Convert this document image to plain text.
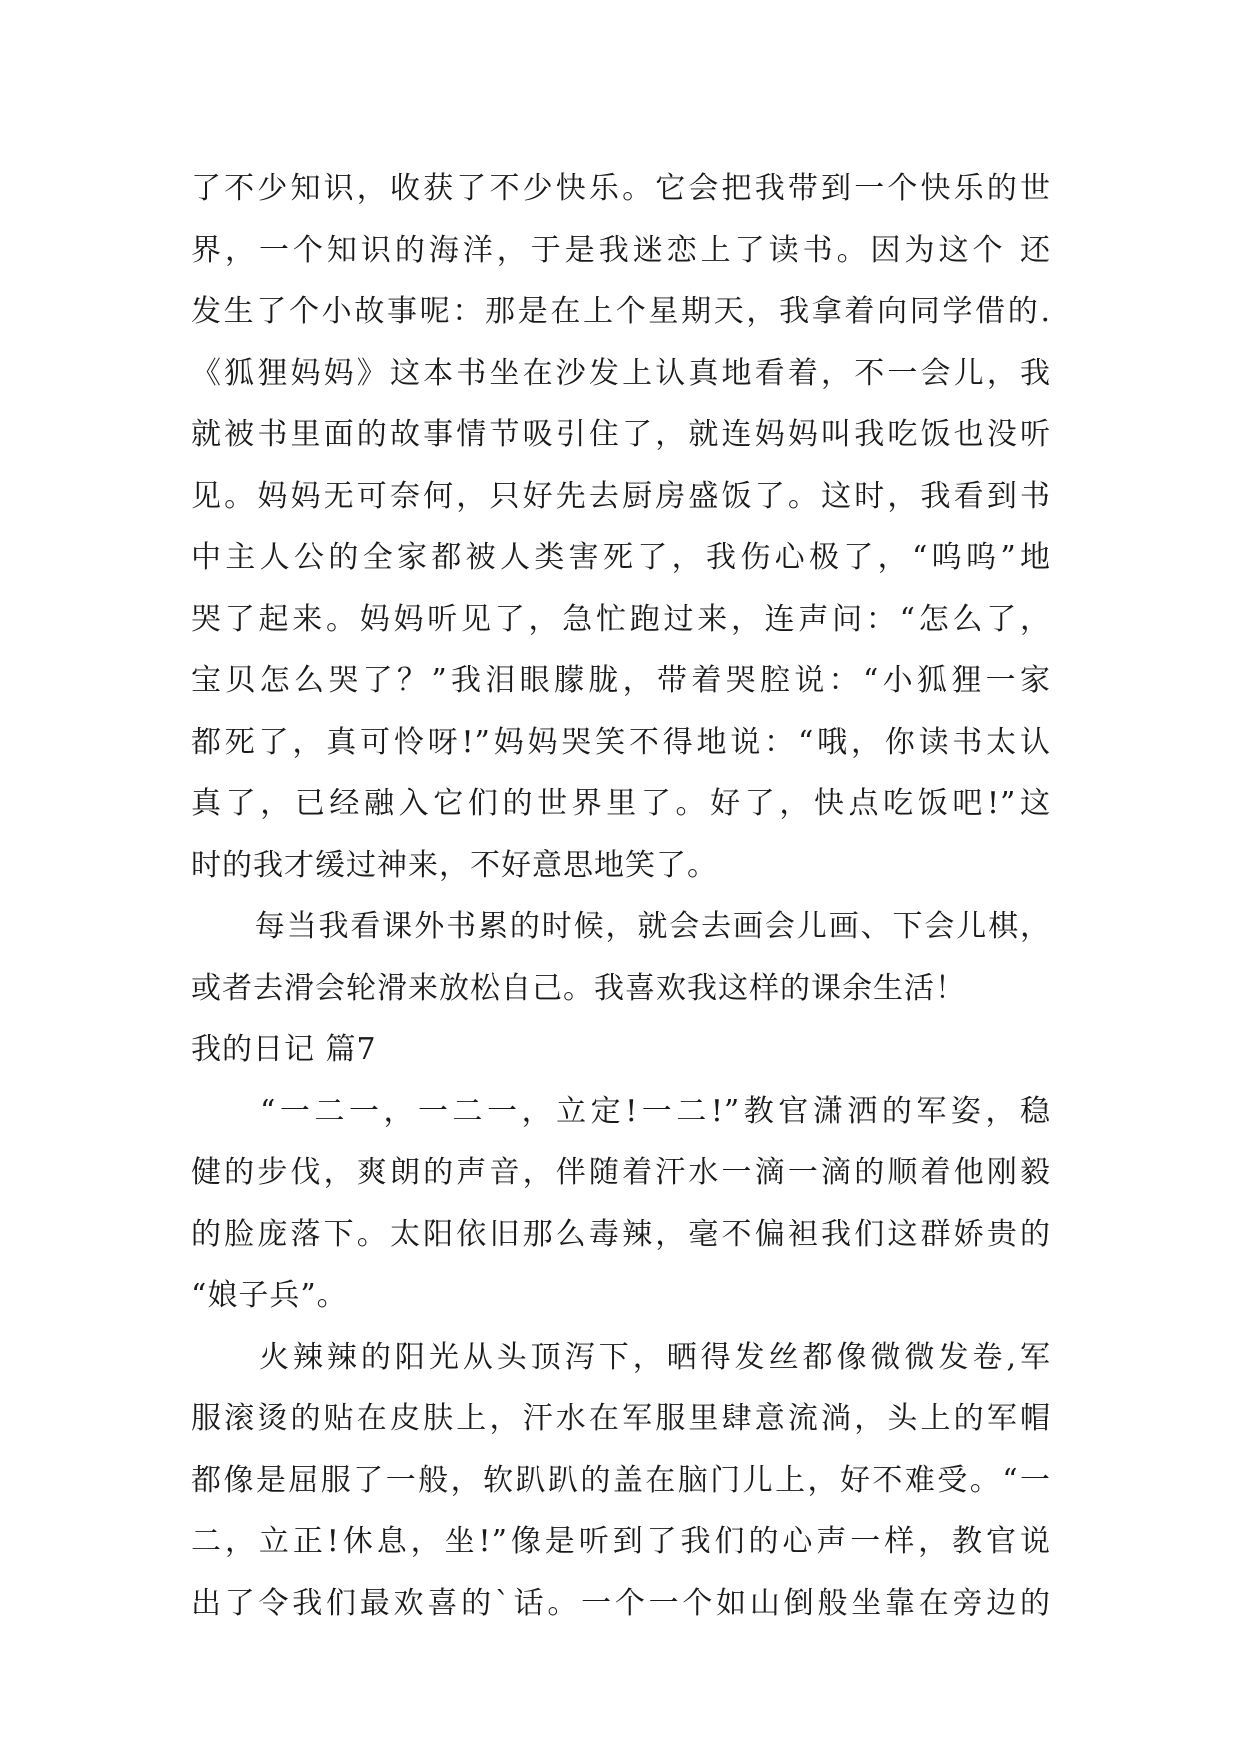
了不少知识，收获了不少快乐。它会把我带到一个快乐的世
界，一个知识的海洋，于是我迷恋上了读书。因为这个 还
发生了个小故事呢：那是在上个星期天，我拿着向同学借的.
《狐狸妈妈》这本书坐在沙发上认真地看着，不一会儿，我
就被书里面的故事情节吸引住了，就连妈妈叫我吃饭也没听
见。妈妈无可奈何，只好先去厨房盛饭了。这时，我看到书
中主人公的全家都被人类害死了，我伤心极了，“呜呜”地
哭了起来。妈妈听见了，急忙跑过来，连声问：“怎么了，
宝贝怎么哭了？”我泪眼朦胧，带着哭腔说：“小狐狸一家
都死了，真可怜呀!”妈妈哭笑不得地说：“哦，你读书太认
真了，已经融入它们的世界里了。好了，快点吃饭吧!”这
时的我才缓过神来，不好意思地笑了。
　　每当我看课外书累的时候，就会去画会儿画、下会儿棋，
或者去滑会轮滑来放松自己。我喜欢我这样的课余生活！
我的日记 篇7
　　“一二一，一二一，立定!一二!”教官潇洒的军姿，稳
健的步伐，爽朗的声音，伴随着汗水一滴一滴的顺着他刚毅
的脸庞落下。太阳依旧那么毒辣，毫不偏袒我们这群娇贵的
“娘子兵”。
　　火辣辣的阳光从头顶泻下，晒得发丝都像微微发卷,军
服滚烫的贴在皮肤上，汗水在军服里肆意流淌，头上的军帽
都像是屈服了一般，软趴趴的盖在脑门儿上，好不难受。“一
二，立正!休息，坐!”像是听到了我们的心声一样，教官说
出了令我们最欢喜的`话。一个一个如山倒般坐靠在旁边的
